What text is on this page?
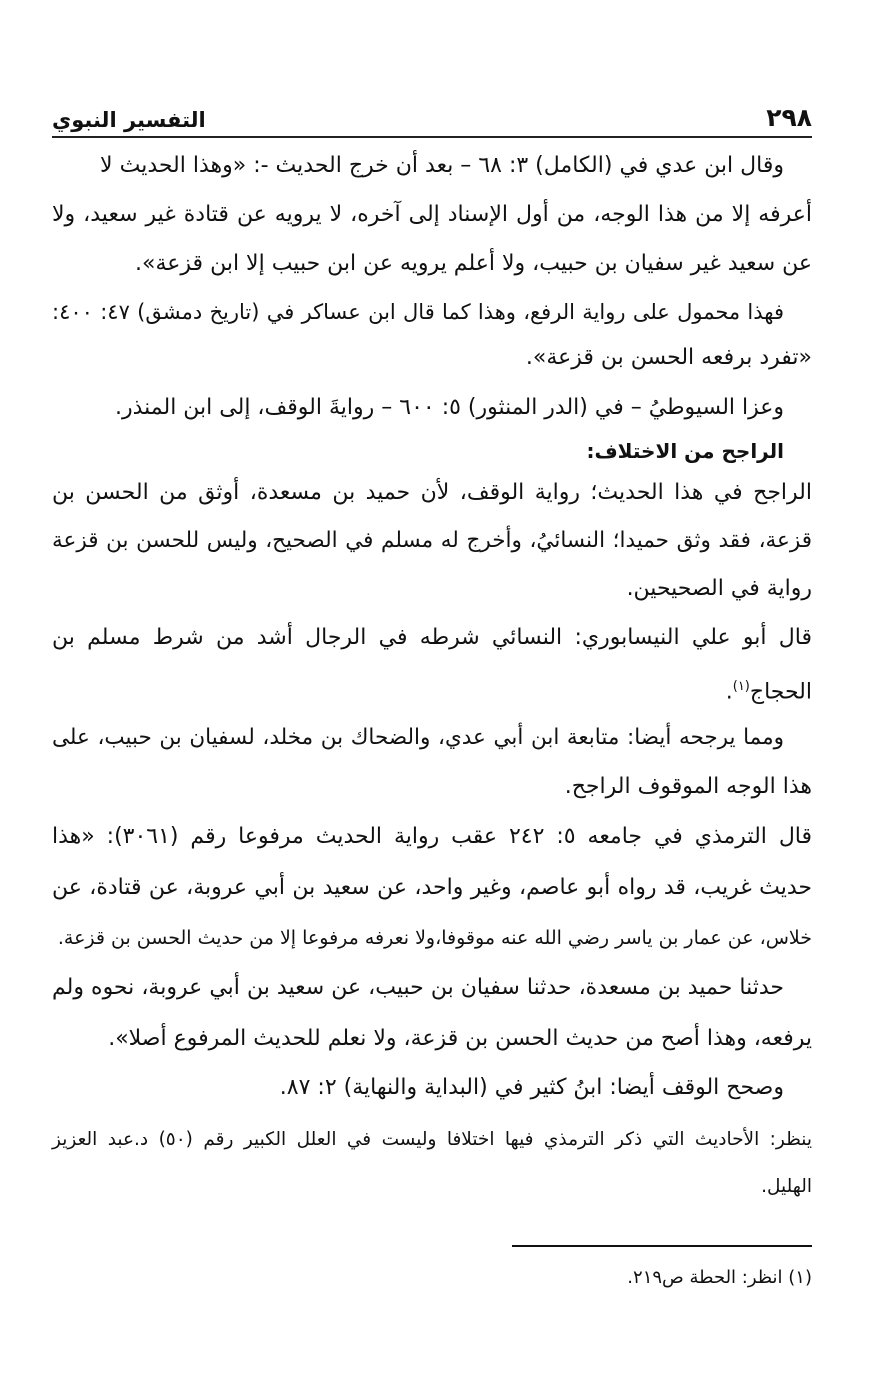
٢٩٨
التفسير النبوي
وقال ابن عدي في (الكامل) ٣: ٦٨ – بعد أن خرج الحديث -: «وهذا الحديث لا
أعرفه إلا من هذا الوجه، من أول الإسناد إلى آخره، لا يرويه عن قتادة غير سعيد، ولا
عن سعيد غير سفيان بن حبيب، ولا أعلم يرويه عن ابن حبيب إلا ابن قزعة».
فهذا محمول على رواية الرفع، وهذا كما قال ابن عساكر في (تاريخ دمشق) ٤٧: ٤٠٠:
«تفرد برفعه الحسن بن قزعة».
وعزا السيوطيُ – في (الدر المنثور) ٥: ٦٠٠ – روايةَ الوقف، إلى ابن المنذر.
الراجح من الاختلاف:
الراجح في هذا الحديث؛ رواية الوقف، لأن حميد بن مسعدة، أوثق من الحسن بن
قزعة، فقد وثق حميدا؛ النسائيُ، وأخرج له مسلم في الصحيح، وليس للحسن بن قزعة
رواية في الصحيحين.
قال أبو علي النيسابوري: النسائي شرطه في الرجال أشد من شرط مسلم بن
الحجاج$^{(١)}$.
ومما يرجحه أيضا: متابعة ابن أبي عدي، والضحاك بن مخلد، لسفيان بن حبيب، على
هذا الوجه الموقوف الراجح.
قال الترمذي في جامعه ٥: ٢٤٢ عقب رواية الحديث مرفوعا رقم (٣٠٦١): «هذا
حديث غريب، قد رواه أبو عاصم، وغير واحد، عن سعيد بن أبي عروبة، عن قتادة، عن
خلاس، عن عمار بن ياسر رضي الله عنه موقوفا،ولا نعرفه مرفوعا إلا من حديث الحسن بن قزعة.
حدثنا حميد بن مسعدة، حدثنا سفيان بن حبيب، عن سعيد بن أبي عروبة، نحوه ولم
يرفعه، وهذا أصح من حديث الحسن بن قزعة، ولا نعلم للحديث المرفوع أصلا».
وصحح الوقف أيضا: ابنُ كثير في (البداية والنهاية) ٢: ٨٧.
ينظر: الأحاديث التي ذكر الترمذي فيها اختلافا وليست في العلل الكبير رقم (٥٠) د.عبد العزيز
الهليل.
(١) انظر: الحطة ص٢١٩.
